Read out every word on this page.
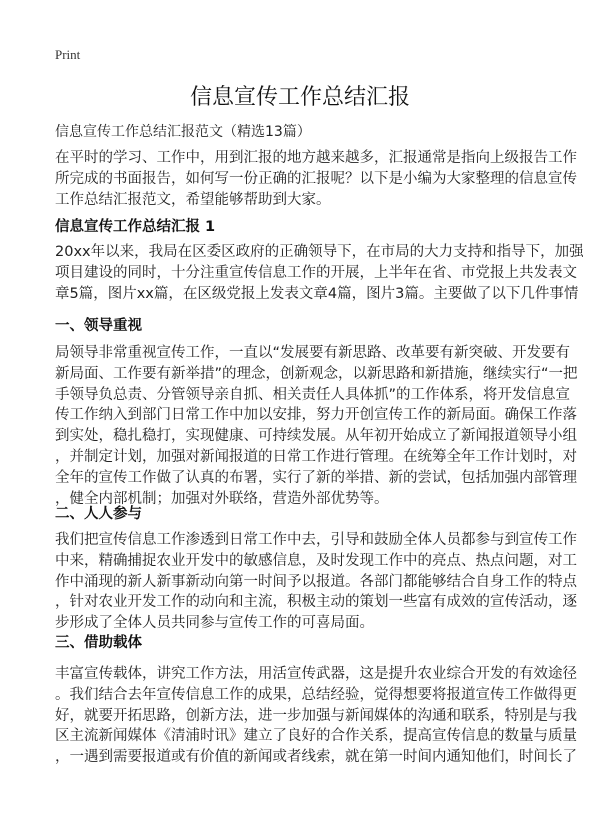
Print
信息宣传工作总结汇报
信息宣传工作总结汇报范文（精选13篇）
在平时的学习、工作中，用到汇报的地方越来越多，汇报通常是指向上级报告工作
所完成的书面报告，如何写一份正确的汇报呢？以下是小编为大家整理的信息宣传
工作总结汇报范文，希望能够帮助到大家。
信息宣传工作总结汇报 1
20xx年以来，我局在区委区政府的正确领导下，在市局的大力支持和指导下，加强
项目建设的同时，十分注重宣传信息工作的开展，上半年在省、市党报上共发表文
章5篇，图片xx篇，在区级党报上发表文章4篇，图片3篇。主要做了以下几件事情
一、领导重视
局领导非常重视宣传工作，一直以“发展要有新思路、改革要有新突破、开发要有
新局面、工作要有新举措”的理念，创新观念，以新思路和新措施，继续实行“一把
手领导负总责、分管领导亲自抓、相关责任人具体抓”的工作体系，将开发信息宣
传工作纳入到部门日常工作中加以安排，努力开创宣传工作的新局面。确保工作落
到实处，稳扎稳打，实现健康、可持续发展。从年初开始成立了新闻报道领导小组
，并制定计划，加强对新闻报道的日常工作进行管理。在统筹全年工作计划时，对
全年的宣传工作做了认真的布署，实行了新的举措、新的尝试，包括加强内部管理
，健全内部机制；加强对外联络，营造外部优势等。
二、人人参与
我们把宣传信息工作渗透到日常工作中去，引导和鼓励全体人员都参与到宣传工作
中来，精确捕捉农业开发中的敏感信息，及时发现工作中的亮点、热点问题，对工
作中涌现的新人新事新动向第一时间予以报道。各部门都能够结合自身工作的特点
，针对农业开发工作的动向和主流，积极主动的策划一些富有成效的宣传活动，逐
步形成了全体人员共同参与宣传工作的可喜局面。
三、借助载体
丰富宣传载体，讲究工作方法，用活宣传武器，这是提升农业综合开发的有效途径
。我们结合去年宣传信息工作的成果，总结经验，觉得想要将报道宣传工作做得更
好，就要开拓思路，创新方法，进一步加强与新闻媒体的沟通和联系，特别是与我
区主流新闻媒体《清浦时讯》建立了良好的合作关系，提高宣传信息的数量与质量
，一遇到需要报道或有价值的新闻或者线索，就在第一时间内通知他们，时间长了
